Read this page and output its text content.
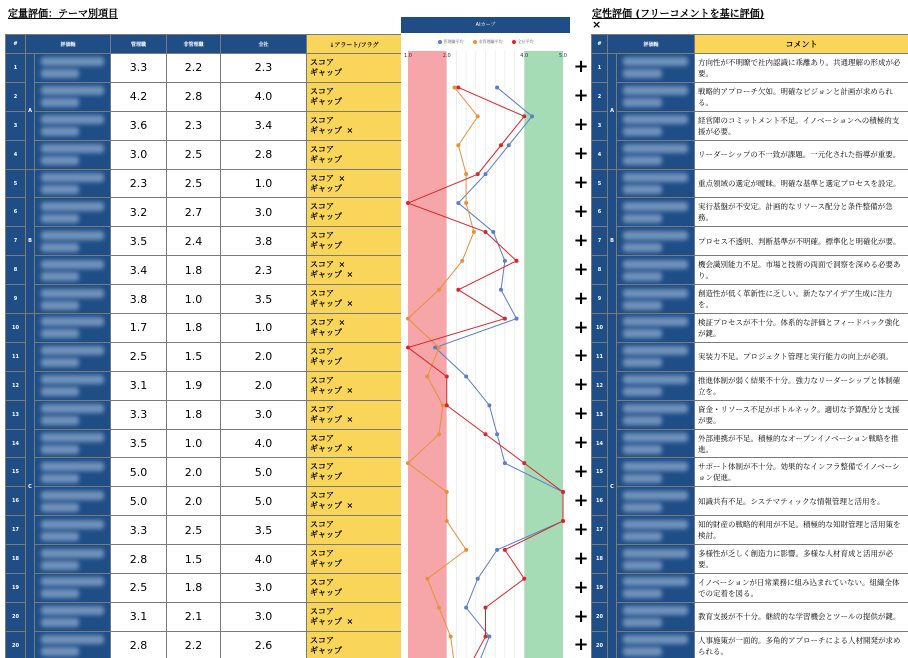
定量評価：テーマ別項目	定性評価 (フリーコメントを基に評価)
×
#	評価軸		管理職	非管理職	全社	↓アラート/フラグ
1	A		3.3	2.2	2.3	スコア
ギャップ

2			4.2	2.8	4.0	スコア
ギャップ

3			3.6	2.3	3.4	スコア
ギャップ ×

4			3.0	2.5	2.8	スコア
ギャップ

5	B		2.3	2.5	1.0	スコア ×
ギャップ

6			3.2	2.7	3.0	スコア
ギャップ

7			3.5	2.4	3.8	スコア
ギャップ

8			3.4	1.8	2.3	スコア ×
ギャップ ×

9			3.8	1.0	3.5	スコア
ギャップ ×

10	C		1.7	1.8	1.0	スコア ×
ギャップ

11			2.5	1.5	2.0	スコア
ギャップ

12			3.1	1.9	2.0	スコア
ギャップ ×

13			3.3	1.8	3.0	スコア
ギャップ ×

14			3.5	1.0	4.0	スコア
ギャップ ×

15			5.0	2.0	5.0	スコア
ギャップ

16			5.0	2.0	5.0	スコア
ギャップ ×

17			3.3	2.5	3.5	スコア
ギャップ

18			2.8	1.5	4.0	スコア
ギャップ

19			2.5	1.8	3.0	スコア
ギャップ

20			3.1	2.1	3.0	スコア
ギャップ ×

20			2.8	2.2	2.6	スコア
ギャップ
AIカーブ
管理職平均	非管理職平均	全社平均
1.0	2.0	4.0	5.0
+
+
+
+
+
+
+
+
+
+
+
+
+
+
+
+
+
+
+
+
+
#	評価軸		コメント
1	A		方向性が不明瞭で社内認識に乖離あり。共通理解の形成が必要。
2			戦略的アプローチ欠如。明確なビジョンと計画が求められる。
3			経営陣のコミットメント不足。イノベーションへの積極的支援が必要。
4			リーダーシップの不一致が課題。一元化された指導が重要。
5	B		重点領域の選定が曖昧。明確な基準と選定プロセスを設定。
6			実行基盤が不安定。計画的なリソース配分と条件整備が急務。
7			プロセス不透明、判断基準が不明確。標準化と明確化が要。
8			機会識別能力不足。市場と技術の両面で洞察を深める必要あり。
9			創造性が低く革新性に乏しい。新たなアイデア生成に注力を。
10	C		検証プロセスが不十分。体系的な評価とフィードバック強化が鍵。
11			実装力不足。プロジェクト管理と実行能力の向上が必須。
12			推進体制が弱く結果不十分。強力なリーダーシップと体制確立を。
13			資金・リソース不足がボトルネック。適切な予算配分と支援が要。
14			外部連携が不足。積極的なオープンイノベーション戦略を推進。
15			サポート体制が不十分。効果的なインフラ整備でイノベーション促進。
16			知識共有不足。システマティックな情報管理と活用を。
17			知的財産の戦略的利用が不足。積極的な知財管理と活用策を検討。
18			多様性が乏しく創造力に影響。多様な人材育成と活用が必要。
19			イノベーションが日常業務に組み込まれていない。組織全体での定着を図る。
20			教育支援が不十分。継続的な学習機会とツールの提供が鍵。
20			人事施策が一面的。多角的アプローチによる人材開発が求められる。
